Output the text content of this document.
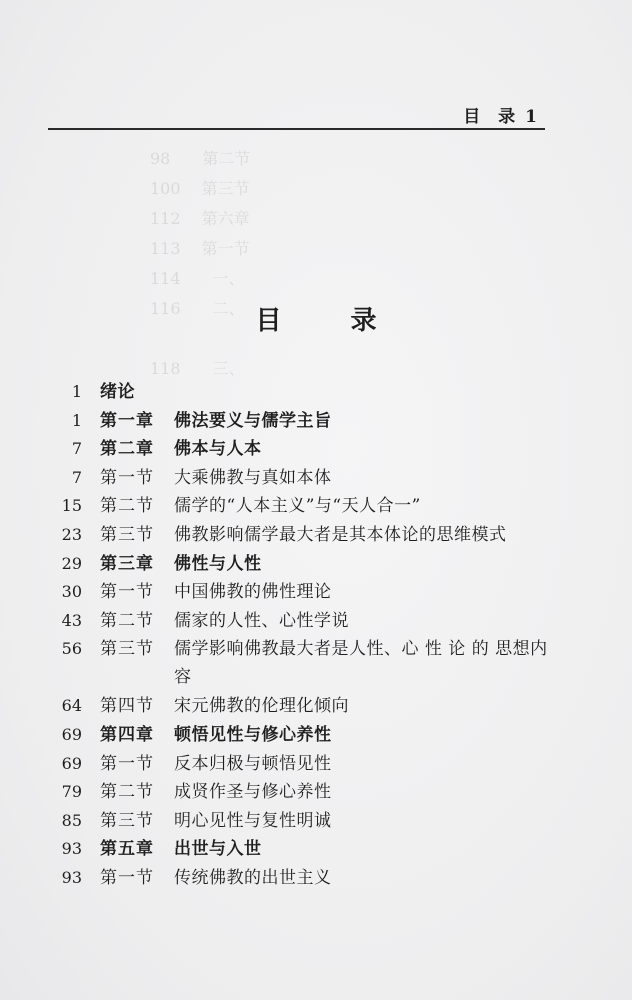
98　　第二节
100　 第三节
112　 第六章
113　 第一节
114　　一、
116　　二、
118　　三、
目 录 1
目 录
1 绪论
1 第一章 佛法要义与儒学主旨
7 第二章 佛本与人本
7 第一节 大乘佛教与真如本体
15 第二节 儒学的“人本主义”与“天人合一”
23 第三节 佛教影响儒学最大者是其本体论的思维模式
29 第三章 佛性与人性
30 第一节 中国佛教的佛性理论
43 第二节 儒家的人性、心性学说
56 第三节 儒学影响佛教最大者是人性、心 性 论 的 思想内容
64 第四节 宋元佛教的伦理化倾向
69 第四章 顿悟见性与修心养性
69 第一节 反本归极与顿悟见性
79 第二节 成贤作圣与修心养性
85 第三节 明心见性与复性明诚
93 第五章 出世与入世
93 第一节 传统佛教的出世主义
